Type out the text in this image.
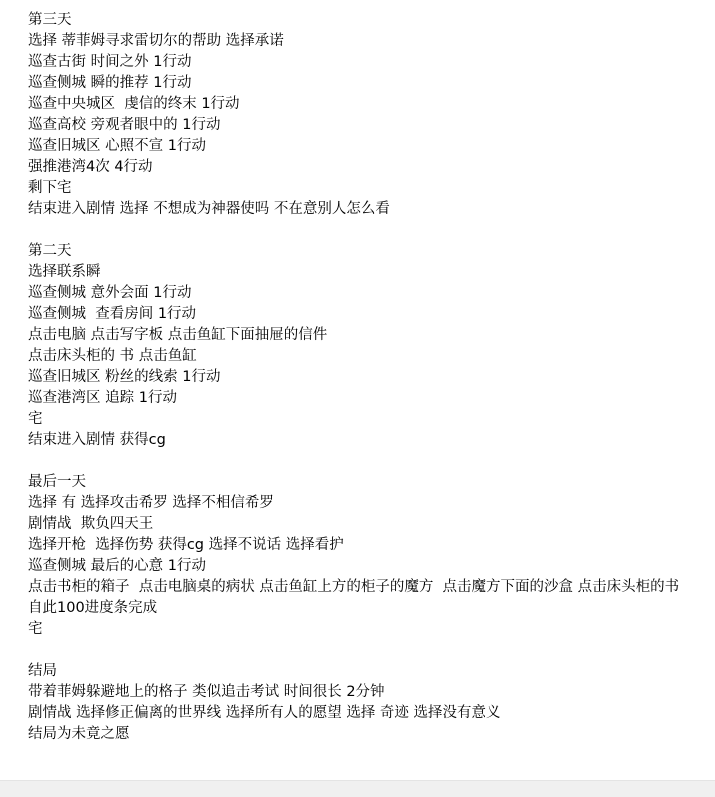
第三天
选择 蒂菲姆寻求雷切尔的帮助 选择承诺
巡查古街 时间之外 1行动
巡查侧城 瞬的推荐 1行动
巡查中央城区  虔信的终末 1行动
巡查高校 旁观者眼中的 1行动
巡查旧城区 心照不宣 1行动
强推港湾4次 4行动
剩下宅
结束进入剧情 选择 不想成为神器使吗 不在意别人怎么看
第二天
选择联系瞬
巡查侧城 意外会面 1行动
巡查侧城  查看房间 1行动
点击电脑 点击写字板 点击鱼缸下面抽屉的信件
点击床头柜的 书 点击鱼缸
巡查旧城区 粉丝的线索 1行动
巡查港湾区 追踪 1行动
宅
结束进入剧情 获得cg
最后一天
选择 有 选择攻击希罗 选择不相信希罗
剧情战  欺负四天王
选择开枪  选择伤势 获得cg 选择不说话 选择看护
巡查侧城 最后的心意 1行动
点击书柜的箱子  点击电脑桌的病状 点击鱼缸上方的柜子的魔方  点击魔方下面的沙盒 点击床头柜的书
自此100进度条完成
宅
结局
带着菲姆躲避地上的格子 类似追击考试 时间很长 2分钟
剧情战 选择修正偏离的世界线 选择所有人的愿望 选择 奇迹 选择没有意义
结局为未竟之愿
